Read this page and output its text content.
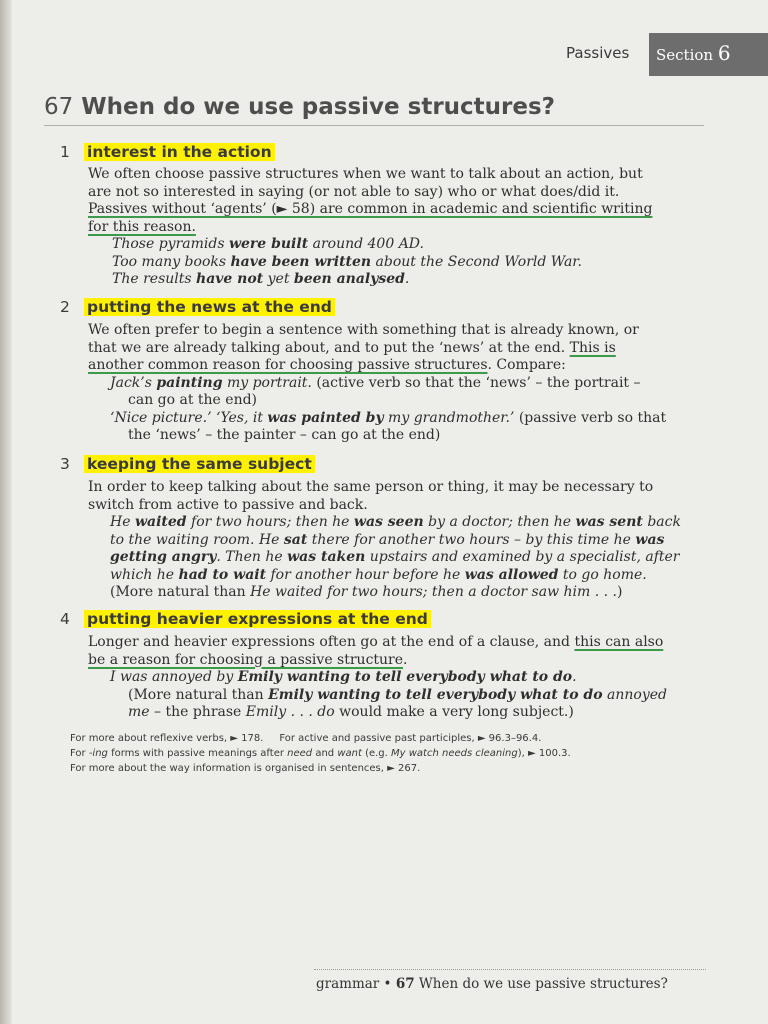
Passives	Section 6
67 When do we use passive structures?
1 interest in the action

We often choose passive structures when we want to talk about an action, but

are not so interested in saying (or not able to say) who or what does/did it.

Passives without ‘agents’ (► 58) are common in academic and scientific writing

for this reason.

Those pyramids were built around 400 AD.

Too many books have been written about the Second World War.

The results have not yet been analysed.

2 putting the news at the end

We often prefer to begin a sentence with something that is already known, or

that we are already talking about, and to put the ‘news’ at the end. This is

another common reason for choosing passive structures. Compare:

Jack’s painting my portrait. (active verb so that the ‘news’ – the portrait –

can go at the end)

‘Nice picture.’ ‘Yes, it was painted by my grandmother.’ (passive verb so that

the ‘news’ – the painter – can go at the end)

3 keeping the same subject

In order to keep talking about the same person or thing, it may be necessary to

switch from active to passive and back.

He waited for two hours; then he was seen by a doctor; then he was sent back

to the waiting room. He sat there for another two hours – by this time he was

getting angry. Then he was taken upstairs and examined by a specialist, after

which he had to wait for another hour before he was allowed to go home.

(More natural than He waited for two hours; then a doctor saw him . . .)

4 putting heavier expressions at the end

Longer and heavier expressions often go at the end of a clause, and this can also

be a reason for choosing a passive structure.

I was annoyed by Emily wanting to tell everybody what to do.

(More natural than Emily wanting to tell everybody what to do annoyed

me – the phrase Emily . . . do would make a very long subject.)

For more about reflexive verbs, ► 178. For active and passive past participles, ► 96.3–96.4.
For -ing forms with passive meanings after need and want (e.g. My watch needs cleaning), ► 100.3.
For more about the way information is organised in sentences, ► 267.
grammar • 67 When do we use passive structures?
